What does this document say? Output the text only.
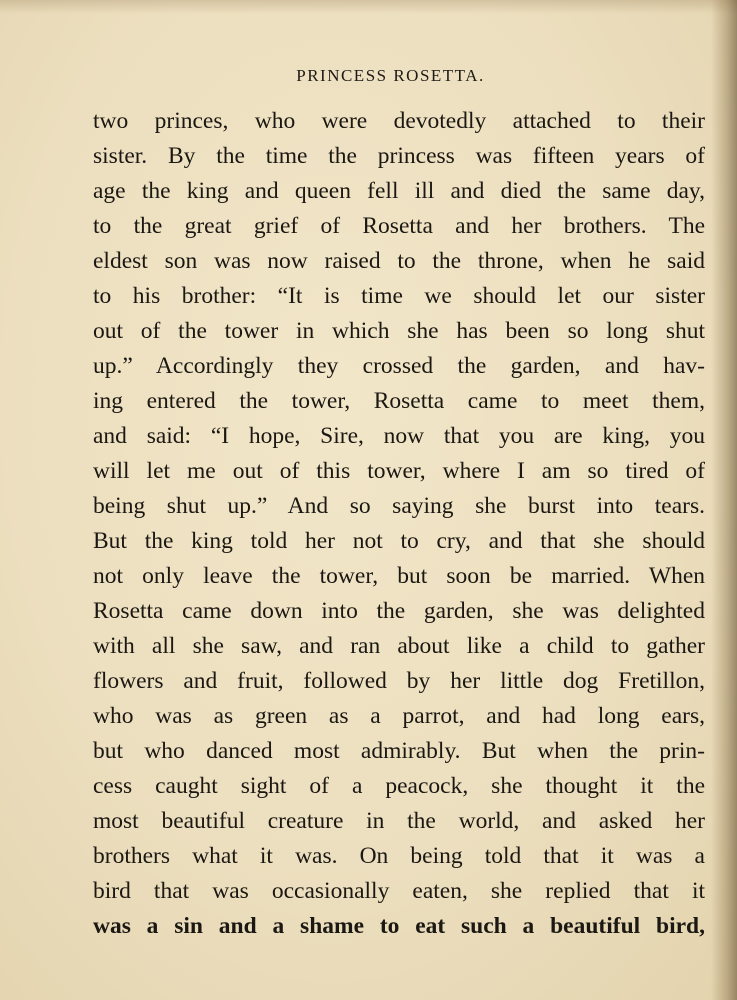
PRINCESS ROSETTA.
two princes, who were devotedly attached to their
sister. By the time the princess was fifteen years of
age the king and queen fell ill and died the same day,
to the great grief of Rosetta and her brothers. The
eldest son was now raised to the throne, when he said
to his brother: “It is time we should let our sister
out of the tower in which she has been so long shut
up.” Accordingly they crossed the garden, and hav-
ing entered the tower, Rosetta came to meet them,
and said: “I hope, Sire, now that you are king, you
will let me out of this tower, where I am so tired of
being shut up.” And so saying she burst into tears.
But the king told her not to cry, and that she should
not only leave the tower, but soon be married. When
Rosetta came down into the garden, she was delighted
with all she saw, and ran about like a child to gather
flowers and fruit, followed by her little dog Fretillon,
who was as green as a parrot, and had long ears,
but who danced most admirably. But when the prin-
cess caught sight of a peacock, she thought it the
most beautiful creature in the world, and asked her
brothers what it was. On being told that it was a
bird that was occasionally eaten, she replied that it
was a sin and a shame to eat such a beautiful bird,
